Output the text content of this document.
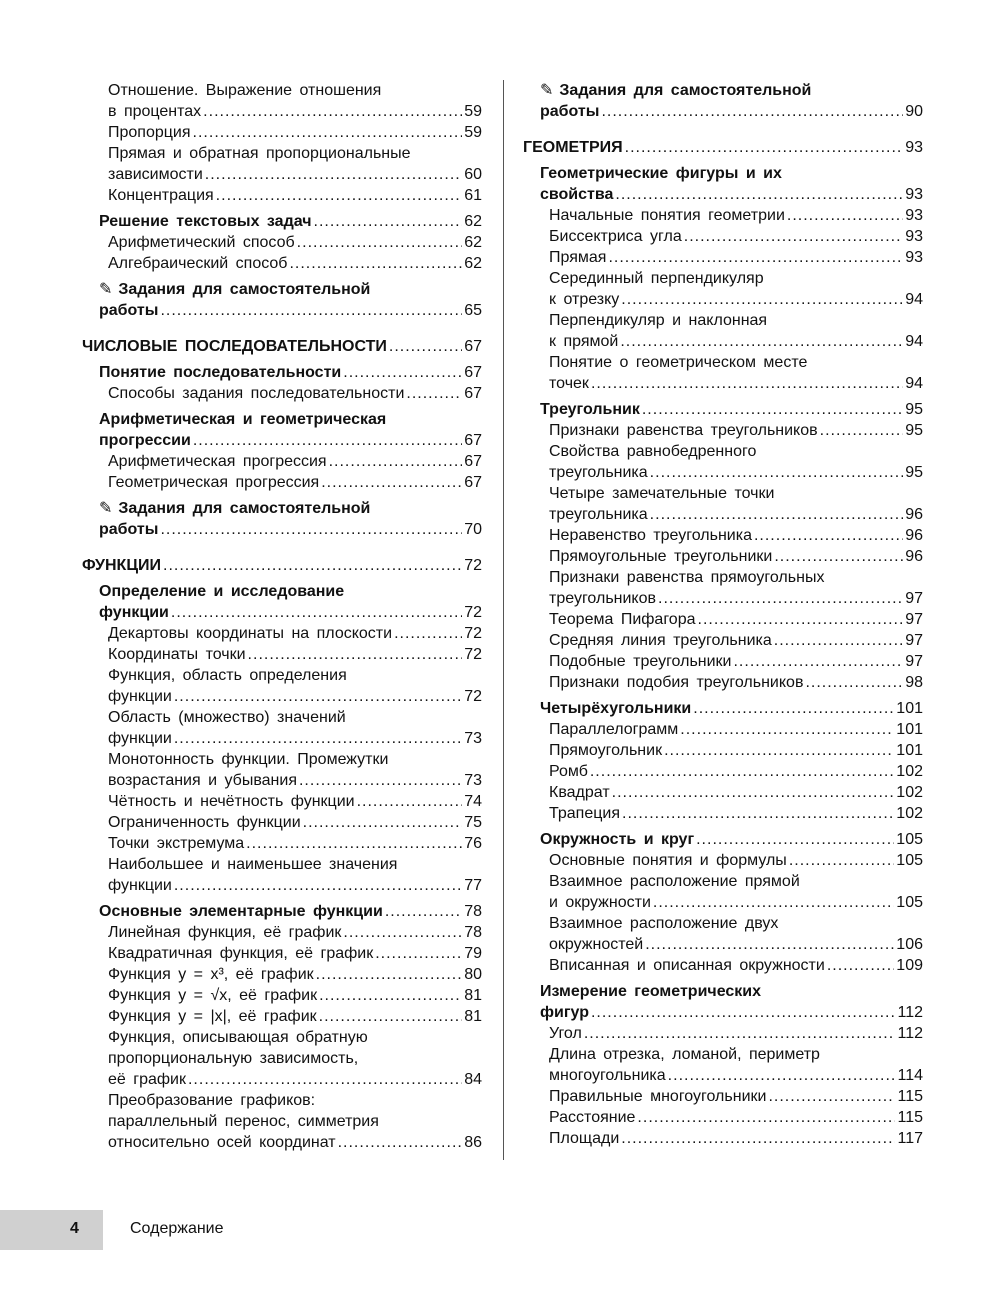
Отношение. Выражение отношения
в процентах .....	59
Пропорция .....	59
Прямая и обратная пропорциональные
зависимости .....	60
Концентрация .....	61
Решение текстовых задач .....	62
Арифметический способ .....	62
Алгебраический способ .....	62
✎ Задания для самостоятельной
работы .....	65
ЧИСЛОВЫЕ ПОСЛЕДОВАТЕЛЬНОСТИ .....	67
Понятие последовательности .....	67
Способы задания последовательности .....	67
Арифметическая и геометрическая
прогрессии .....	67
Арифметическая прогрессия .....	67
Геометрическая прогрессия .....	67
✎ Задания для самостоятельной
работы .....	70
ФУНКЦИИ .....	72
Определение и исследование
функции .....	72
Декартовы координаты на плоскости .....	72
Координаты точки .....	72
Функция, область определения
функции .....	72
Область (множество) значений
функции .....	73
Монотонность функции. Промежутки
возрастания и убывания .....	73
Чётность и нечётность функции .....	74
Ограниченность функции .....	75
Точки экстремума .....	76
Наибольшее и наименьшее значения
функции .....	77
Основные элементарные функции .....	78
Линейная функция, её график .....	78
Квадратичная функция, её график .....	79
Функция y = x³, её график .....	80
Функция y = √x, её график .....	81
Функция y = |x|, её график .....	81
Функция, описывающая обратную
пропорциональную зависимость,
её график .....	84
Преобразование графиков:
параллельный перенос, симметрия
относительно осей координат .....	86
✎ Задания для самостоятельной
работы .....	90
ГЕОМЕТРИЯ .....	93
Геометрические фигуры и их
свойства .....	93
Начальные понятия геометрии .....	93
Биссектриса угла .....	93
Прямая .....	93
Серединный перпендикуляр
к отрезку .....	94
Перпендикуляр и наклонная
к прямой .....	94
Понятие о геометрическом месте
точек .....	94
Треугольник .....	95
Признаки равенства треугольников .....	95
Свойства равнобедренного
треугольника .....	95
Четыре замечательные точки
треугольника .....	96
Неравенство треугольника .....	96
Прямоугольные треугольники .....	96
Признаки равенства прямоугольных
треугольников .....	97
Теорема Пифагора .....	97
Средняя линия треугольника .....	97
Подобные треугольники .....	97
Признаки подобия треугольников .....	98
Четырёхугольники .....	101
Параллелограмм .....	101
Прямоугольник .....	101
Ромб .....	102
Квадрат .....	102
Трапеция .....	102
Окружность и круг .....	105
Основные понятия и формулы .....	105
Взаимное расположение прямой
и окружности .....	105
Взаимное расположение двух
окружностей .....	106
Вписанная и описанная окружности .....	109
Измерение геометрических
фигур .....	112
Угол .....	112
Длина отрезка, ломаной, периметр
многоугольника .....	114
Правильные многоугольники .....	115
Расстояние .....	115
Площади .....	117
4	Содержание
